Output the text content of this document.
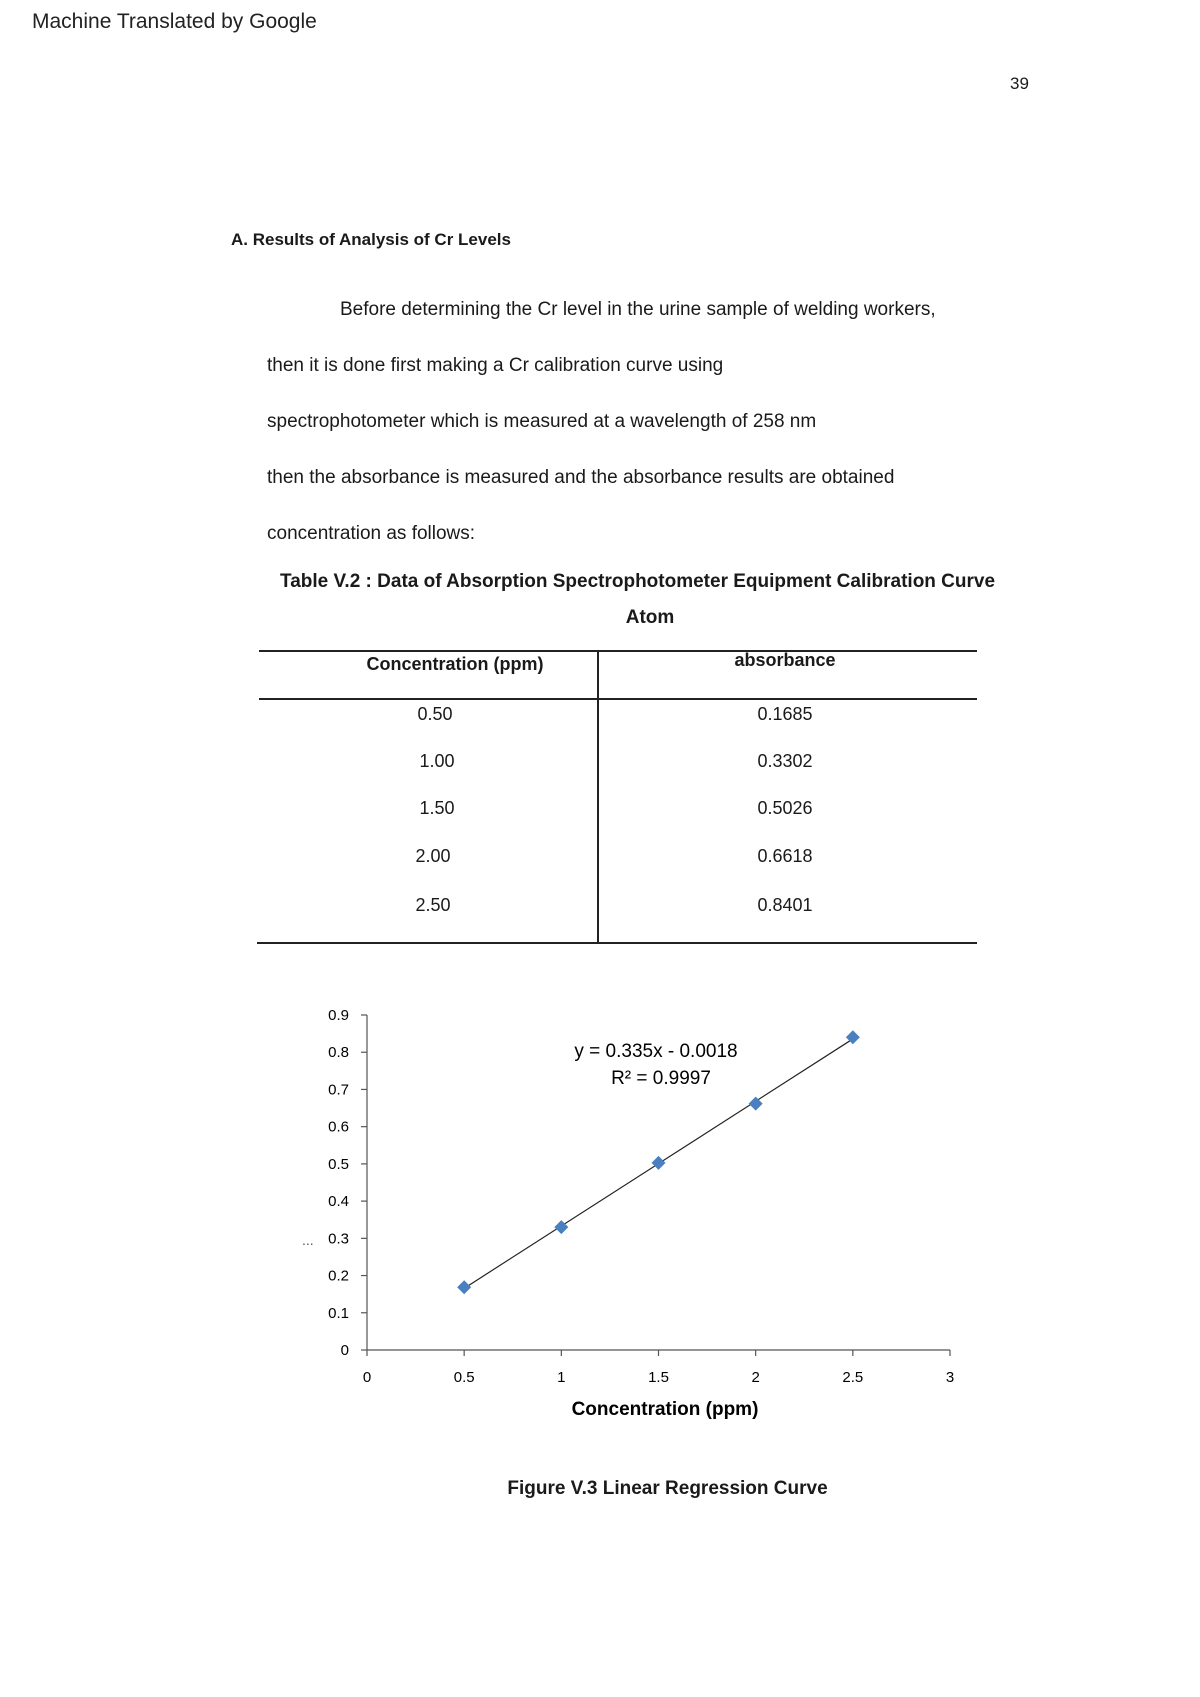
Machine Translated by Google
39
A. Results of Analysis of Cr Levels
Before determining the Cr level in the urine sample of welding workers,
then it is done first making a Cr calibration curve using
spectrophotometer which is measured at a wavelength of 258 nm
then the absorbance is measured and the absorbance results are obtained
concentration as follows:
Table V.2 : Data of Absorption Spectrophotometer Equipment Calibration Curve
Atom
Concentration (ppm)	absorbance
0.50	0.1685
1.00	0.3302
1.50	0.5026
2.00	0.6618
2.50	0.8401
0	0.5	1	1.5	2	2.5	3
0
0.1
0.2
0.3
0.4
0.5
0.6
0.7
0.8
0.9
y = 0.335x - 0.0018
R² = 0.9997
...
Concentration (ppm)
Figure V.3 Linear Regression Curve
